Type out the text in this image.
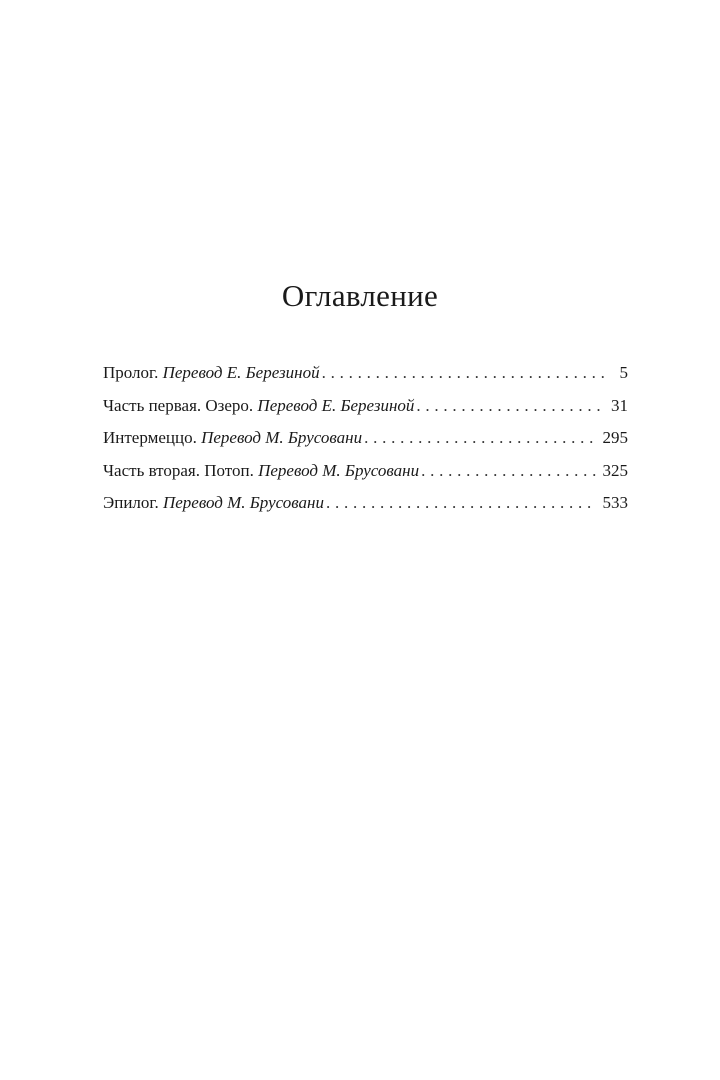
Оглавление
Пролог. Перевод Е. Березиной . . .	5
Часть первая. Озеро. Перевод Е. Березиной . . .	31
Интермеццо. Перевод М. Брусовани . . .	295
Часть вторая. Потоп. Перевод М. Брусовани . . .	325
Эпилог. Перевод М. Брусовани . . .	533
